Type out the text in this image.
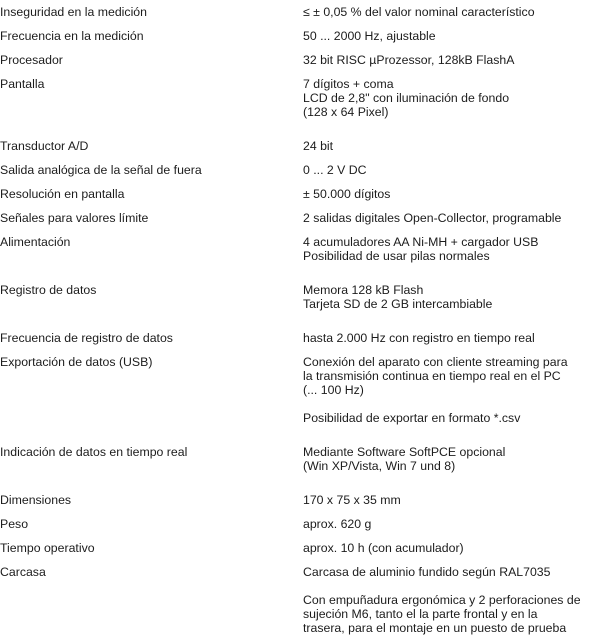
Inseguridad en la medición	≤ ± 0,05 % del valor nominal característico

Frecuencia en la medición	50 ... 2000 Hz, ajustable

Procesador	32 bit RISC µProzessor, 128kB FlashA

Pantalla	7 dígitos + coma
LCD de 2,8" con iluminación de fondo
(128 x 64 Pixel)

Transductor A/D	24 bit

Salida analógica de la señal de fuera	0 ... 2 V DC

Resolución en pantalla	± 50.000 dígitos

Señales para valores límite	2 salidas digitales Open-Collector, programable

Alimentación	4 acumuladores AA Ni-MH + cargador USB
Posibilidad de usar pilas normales

Registro de datos	Memora 128 kB Flash
Tarjeta SD de 2 GB intercambiable

Frecuencia de registro de datos	hasta 2.000 Hz con registro en tiempo real

Exportación de datos (USB)	Conexión del aparato con cliente streaming para
la transmisión continua en tiempo real en el PC
(... 100 Hz)
Posibilidad de exportar en formato *.csv

Indicación de datos en tiempo real	Mediante Software SoftPCE opcional
(Win XP/Vista, Win 7 und 8)

Dimensiones	170 x 75 x 35 mm

Peso	aprox. 620 g

Tiempo operativo	aprox. 10 h (con acumulador)

Carcasa	Carcasa de aluminio fundido según RAL7035
Con empuñadura ergonómica y 2 perforaciones de
sujeción M6, tanto el la parte frontal y en la
trasera, para el montaje en un puesto de prueba
